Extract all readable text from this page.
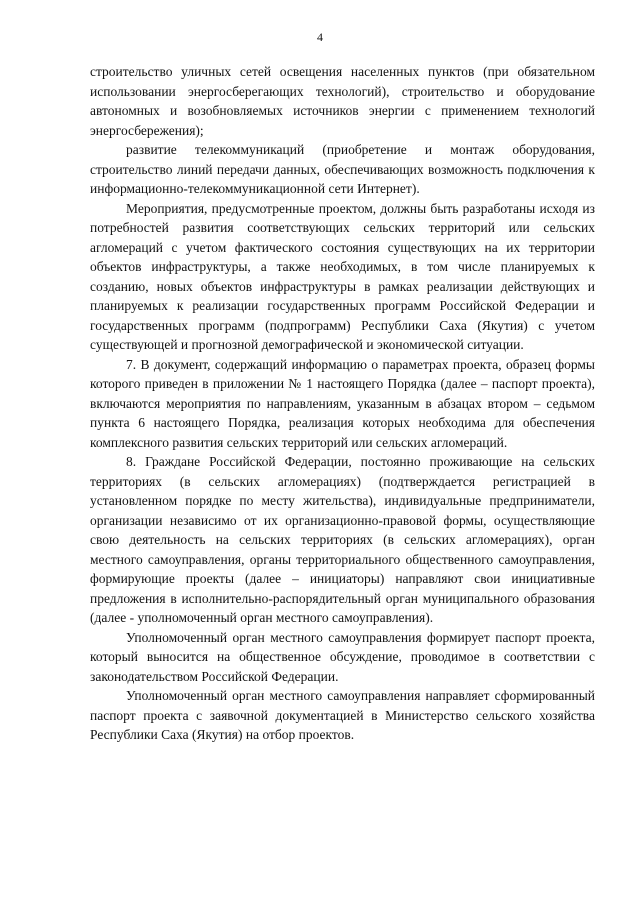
4

строительство уличных сетей освещения населенных пунктов (при обязательном использовании энергосберегающих технологий), строительство и оборудование автономных и возобновляемых источников энергии с применением технологий энергосбережения);

развитие телекоммуникаций (приобретение и монтаж оборудования, строительство линий передачи данных, обеспечивающих возможность подключения к информационно-телекоммуникационной сети Интернет).

Мероприятия, предусмотренные проектом, должны быть разработаны исходя из потребностей развития соответствующих сельских территорий или сельских агломераций с учетом фактического состояния существующих на их территории объектов инфраструктуры, а также необходимых, в том числе планируемых к созданию, новых объектов инфраструктуры в рамках реализации действующих и планируемых к реализации государственных программ Российской Федерации и государственных программ (подпрограмм) Республики Саха (Якутия) с учетом существующей и прогнозной демографической и экономической ситуации.

7. В документ, содержащий информацию о параметрах проекта, образец формы которого приведен в приложении № 1 настоящего Порядка (далее – паспорт проекта), включаются мероприятия по направлениям, указанным в абзацах втором – седьмом пункта 6 настоящего Порядка, реализация которых необходима для обеспечения комплексного развития сельских территорий или сельских агломераций.

8. Граждане Российской Федерации, постоянно проживающие на сельских территориях (в сельских агломерациях) (подтверждается регистрацией в установленном порядке по месту жительства), индивидуальные предприниматели, организации независимо от их организационно-правовой формы, осуществляющие свою деятельность на сельских территориях (в сельских агломерациях), орган местного самоуправления, органы территориального общественного самоуправления, формирующие проекты (далее – инициаторы) направляют свои инициативные предложения в исполнительно-распорядительный орган муниципального образования (далее - уполномоченный орган местного самоуправления).

Уполномоченный орган местного самоуправления формирует паспорт проекта, который выносится на общественное обсуждение, проводимое в соответствии с законодательством Российской Федерации.

Уполномоченный орган местного самоуправления направляет сформированный паспорт проекта с заявочной документацией в Министерство сельского хозяйства Республики Саха (Якутия) на отбор проектов.
